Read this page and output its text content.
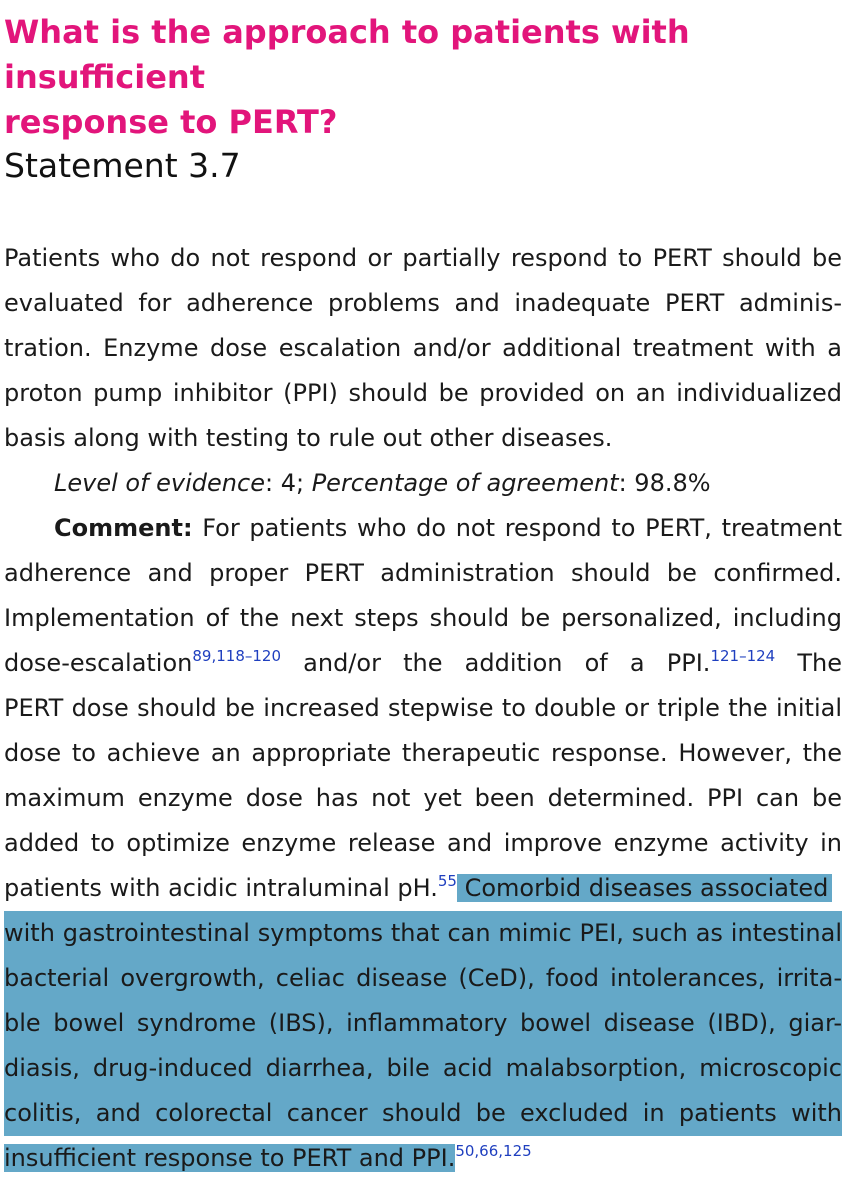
What is the approach to patients with insufficient
response to PERT?
Statement 3.7
Patients who do not respond or partially respond to PERT should be
evaluated for adherence problems and inadequate PERT adminis-
tration. Enzyme dose escalation and/or additional treatment with a
proton pump inhibitor (PPI) should be provided on an individualized
basis along with testing to rule out other diseases.
Level of evidence: 4; Percentage of agreement: 98.8%
Comment: For patients who do not respond to PERT, treatment
adherence and proper PERT administration should be confirmed.
Implementation of the next steps should be personalized, including
dose-escalation$^{89,118-120}$ and/or the addition of a PPI.$^{121-124}$ The
PERT dose should be increased stepwise to double or triple the initial
dose to achieve an appropriate therapeutic response. However, the
maximum enzyme dose has not yet been determined. PPI can be
added to optimize enzyme release and improve enzyme activity in
patients with acidic intraluminal pH.$^{55}$ Comorbid diseases associated
with gastrointestinal symptoms that can mimic PEI, such as intestinal
bacterial overgrowth, celiac disease (CeD), food intolerances, irrita-
ble bowel syndrome (IBS), inflammatory bowel disease (IBD), giar-
diasis, drug-induced diarrhea, bile acid malabsorption, microscopic
colitis, and colorectal cancer should be excluded in patients with
insufficient response to PERT and PPI.$^{50,66,125}$
